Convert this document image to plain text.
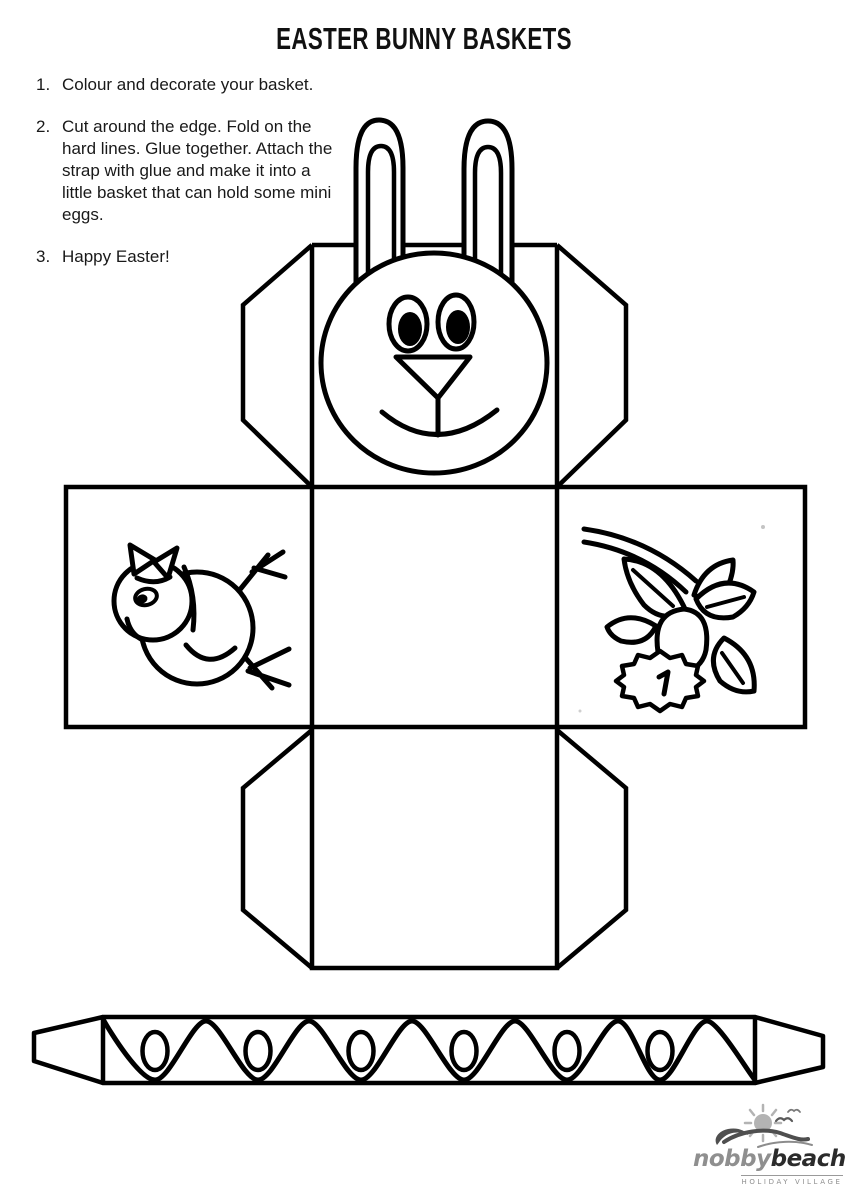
EASTER BUNNY BASKETS
1. Colour and decorate your basket.
2. Cut around the edge. Fold on the hard lines. Glue together. Attach the strap with glue and make it into a little basket that can hold some mini eggs.
3. Happy Easter!
nobbybeach
HOLIDAY VILLAGE
